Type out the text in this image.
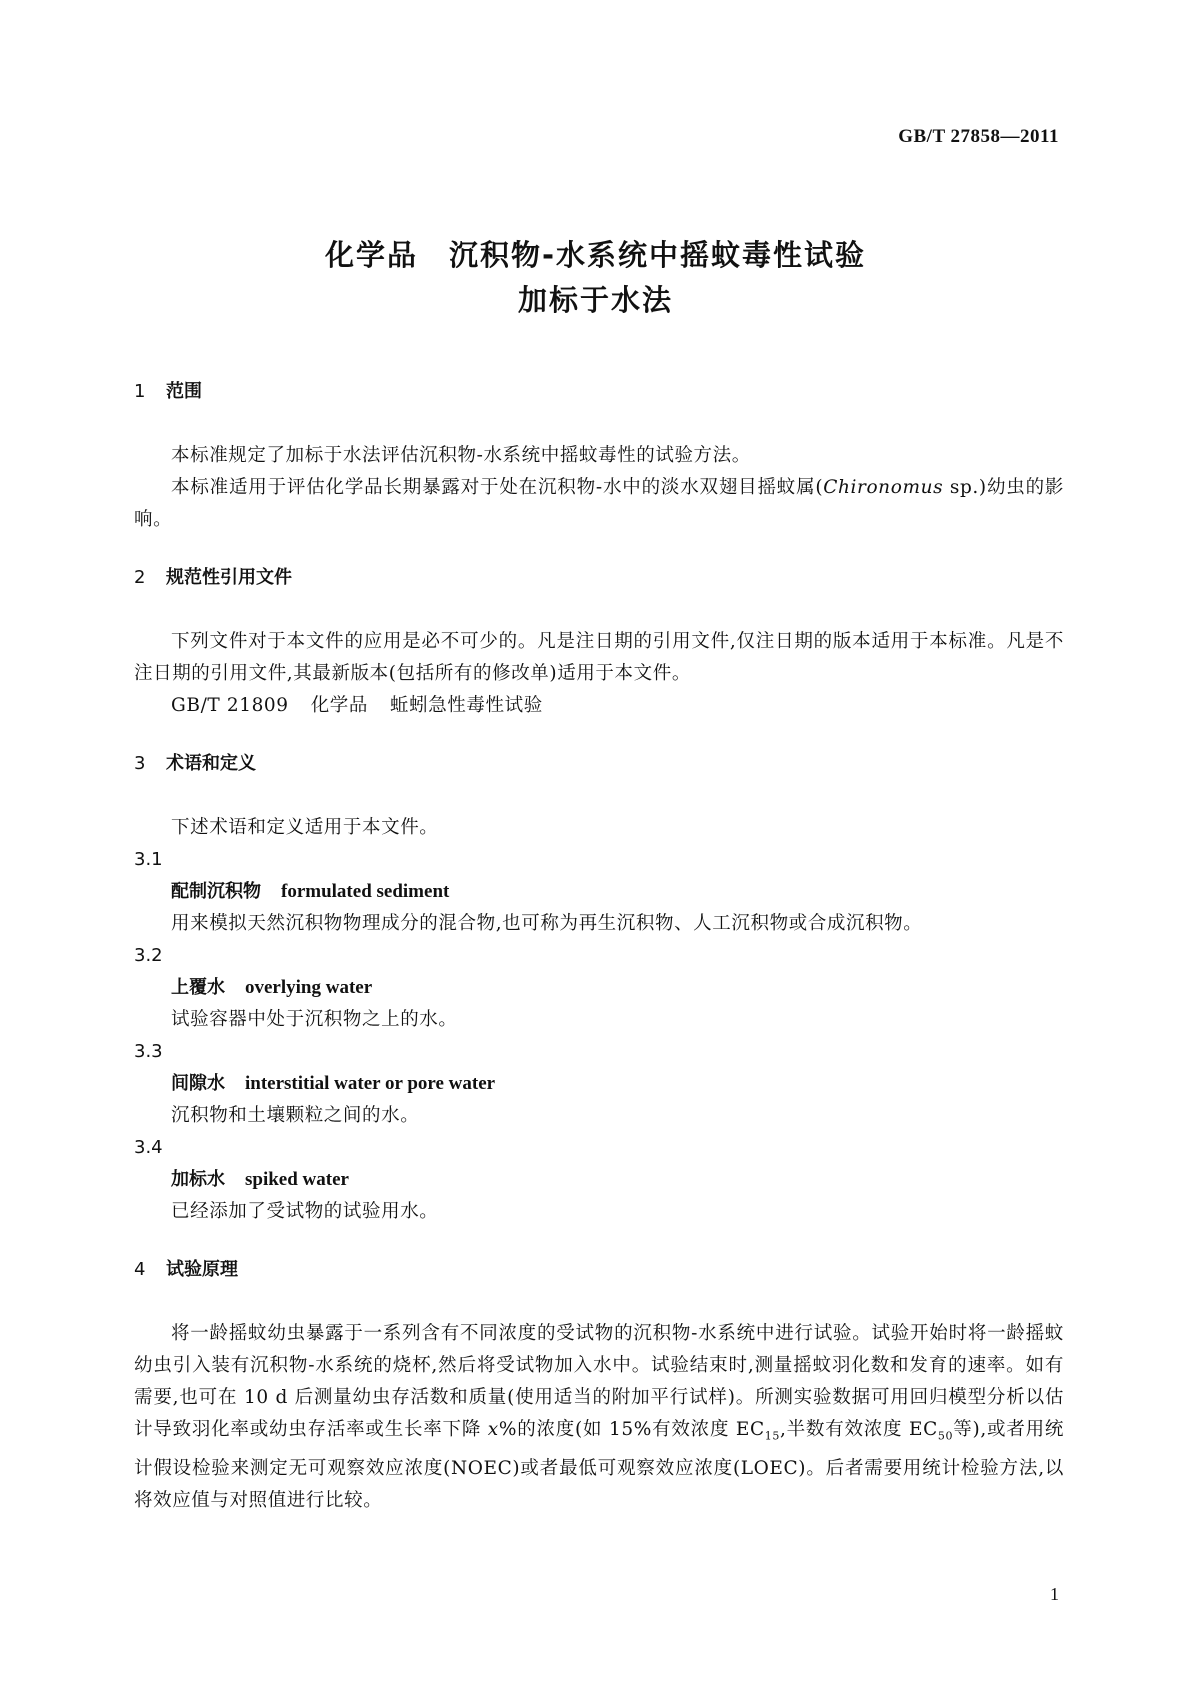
GB/T 27858—2011
化学品　沉积物-水系统中摇蚊毒性试验
加标于水法

1 范围

本标准规定了加标于水法评估沉积物-水系统中摇蚊毒性的试验方法。

本标准适用于评估化学品长期暴露对于处在沉积物-水中的淡水双翅目摇蚊属(Chironomus sp.)幼虫的影响。

2 规范性引用文件

下列文件对于本文件的应用是必不可少的。凡是注日期的引用文件,仅注日期的版本适用于本标准。凡是不注日期的引用文件,其最新版本(包括所有的修改单)适用于本文件。

GB/T 21809 化学品 蚯蚓急性毒性试验

3 术语和定义

下述术语和定义适用于本文件。

3.1

配制沉积物 formulated sediment

用来模拟天然沉积物物理成分的混合物,也可称为再生沉积物、人工沉积物或合成沉积物。

3.2

上覆水 overlying water

试验容器中处于沉积物之上的水。

3.3

间隙水 interstitial water or pore water

沉积物和土壤颗粒之间的水。

3.4

加标水 spiked water

已经添加了受试物的试验用水。

4 试验原理

将一龄摇蚊幼虫暴露于一系列含有不同浓度的受试物的沉积物-水系统中进行试验。试验开始时将一龄摇蚊幼虫引入装有沉积物-水系统的烧杯,然后将受试物加入水中。试验结束时,测量摇蚊羽化数和发育的速率。如有需要,也可在 10 d 后测量幼虫存活数和质量(使用适当的附加平行试样)。所测实验数据可用回归模型分析以估计导致羽化率或幼虫存活率或生长率下降 x%的浓度(如 15%有效浓度 $EC_{15}$,半数有效浓度 $EC_{50}$等),或者用统计假设检验来测定无可观察效应浓度(NOEC)或者最低可观察效应浓度(LOEC)。后者需要用统计检验方法,以将效应值与对照值进行比较。

1
